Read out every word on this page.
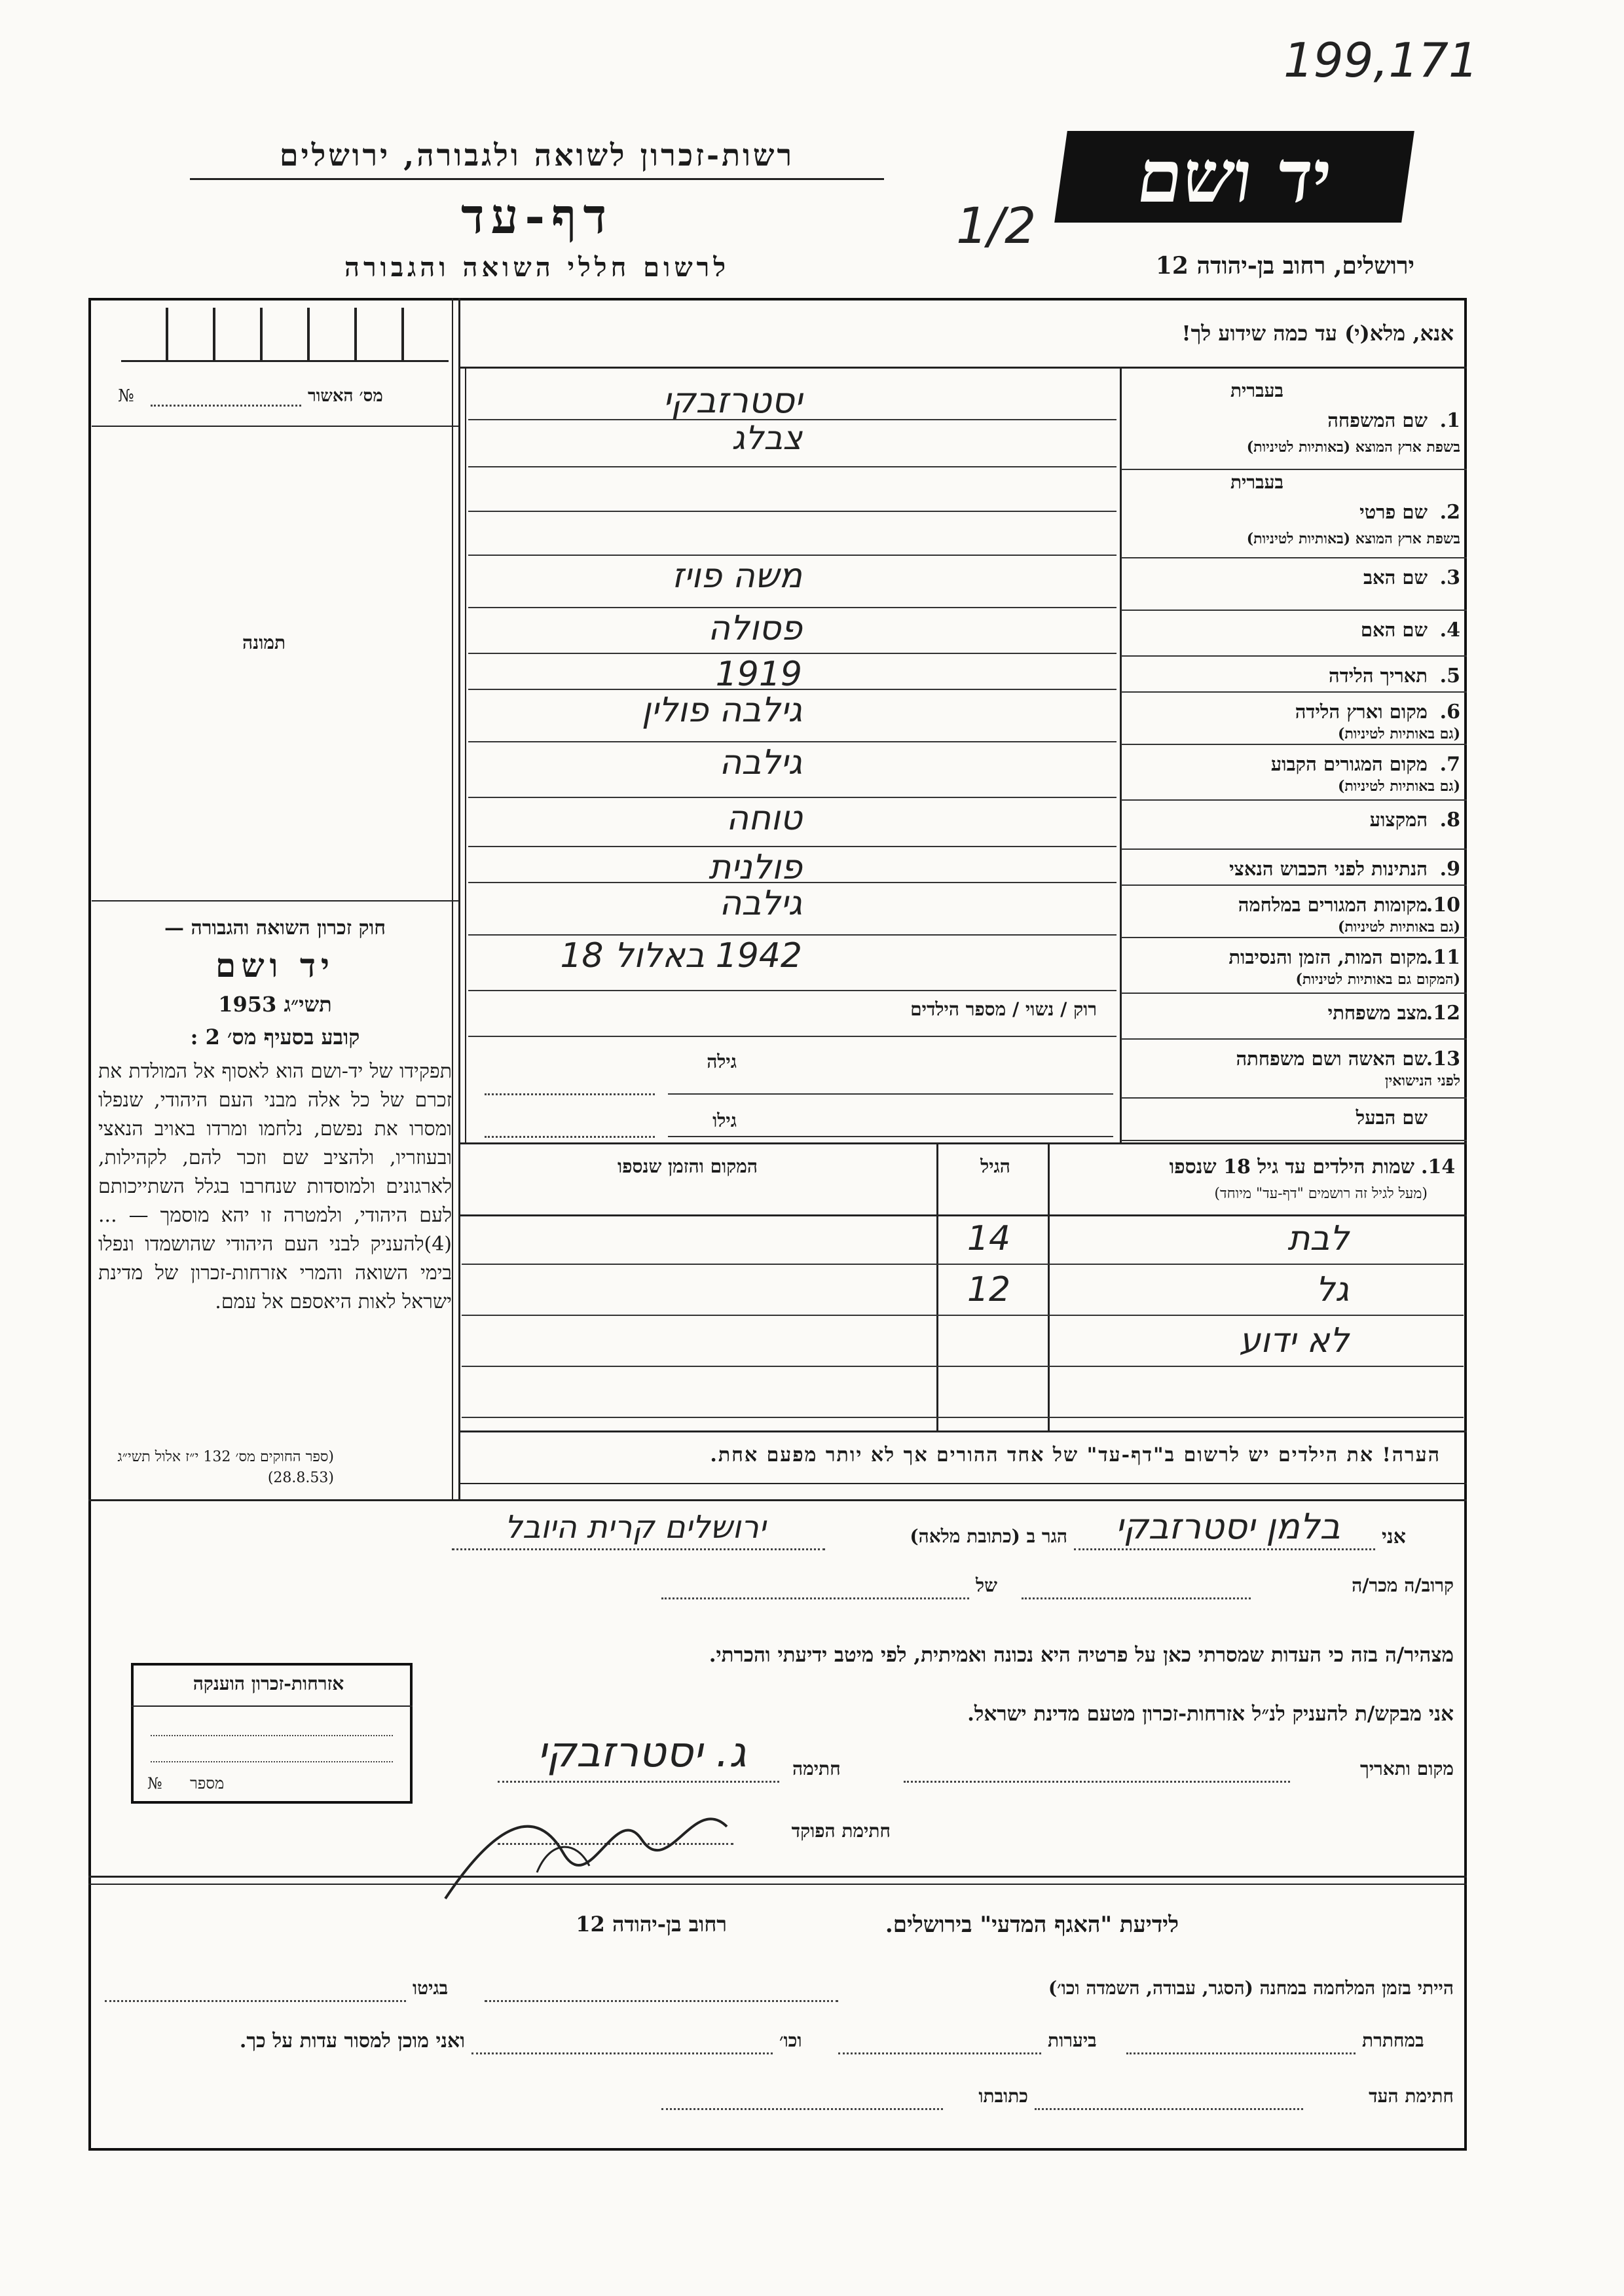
199,171
רשות-זכרון לשואה ולגבורה, ירושלים
דף-עד
לרשום חללי השואה והגבורה
יד ושם
ירושלים, רחוב בן-יהודה 12
1/2
מס׳ האשור
№
תמונה
חוק זכרון השואה והגבורה —
יד ושם
תשי״ג 1953
קובע בסעיף מס׳ 2 :
תפקידו של יד-ושם הוא לאסוף אל המולדת את זכרם של כל אלה מבני העם היהודי, שנפלו ומסרו את נפשם, נלחמו ומרדו באויב הנאצי ובעוזריו, ולהציב שם וזכר להם, לקהילות, לארגונים ולמוסדות שנחרבו בגלל השתייכותם לעם היהודי, ולמטרה זו יהא מוסמך — ...(4)להעניק לבני העם היהודי שהושמדו ונפלו בימי השואה והמרי אזרחות-זכרון של מדינת ישראל לאות היאספם אל עמם.
(ספר החוקים מס׳ 132 י״ז אלול תשי״ג (28.8.53)
אנא, מלא(י) עד כמה שידוע לך!
1.
בעברית
שם המשפחה
בשפת ארץ המוצא (באותיות לטיניות)
יסטרזבקי
צבלג
2.
בעברית
שם פרטי
בשפת ארץ המוצא (באותיות לטיניות)
3.
שם האב
משה פויז
4.
שם האם
פסולה
5.
תאריך הלידה
1919
6.
מקום וארץ הלידה
(גם באותיות לטיניות)
גילבה פולין
7.
מקום המגורים הקבוע
(גם באותיות לטיניות)
גילבה
8.
המקצוע
טוחה
9.
הנתינות לפני הכבוש הנאצי
פולנית
10.
מקומות המגורים במלחמה
(גם באותיות לטיניות)
גילבה
11.
מקום המות, הזמן והנסיבות
(המקום גם באותיות לטיניות)
1942 באלול 18
12.
מצב משפחתי
רוק / נשוי / מספר הילדים
13.
שם האשה ושם משפחתה
לפני הנישואין
גילה
שם הבעל
גילו
14.
שמות הילדים עד גיל 18 שנספו
(מעל לגיל זה רושמים "דף-עד" מיוחד)
הגיל
המקום והזמן שנספו
לבת
14
גל
12
לא ידוע
הערה! את הילדים יש לרשום ב"דף-עד" של אחד ההורים אך לא יותר מפעם אחת.
אני
בלמן יסטרזבקי
הגר ב (כתובת מלאה)
ירושלים קרית היובל
קרוב/ה מכר/ה
של
מצהיר/ה בזה כי העדות שמסרתי כאן על פרטיה היא נכונה ואמיתית, לפי מיטב ידיעתי והכרתי.
אני מבקש/ת להעניק לנ״ל אזרחות-זכרון מטעם מדינת ישראל.
מקום ותאריך
חתימה
ג. יסטרזבקי
חתימת הפוקד
אזרחות-זכרון הוענקה
מספר
№
לידיעת "האגף המדעי" בירושלים.
רחוב בן-יהודה 12
הייתי בזמן המלחמה במחנה (הסגר, עבודה, השמדה וכו׳)
בגיטו
במחתרת
ביערות
וכו׳
ואני מוכן למסור עדות על כך.
חתימת העד
כתובתו
